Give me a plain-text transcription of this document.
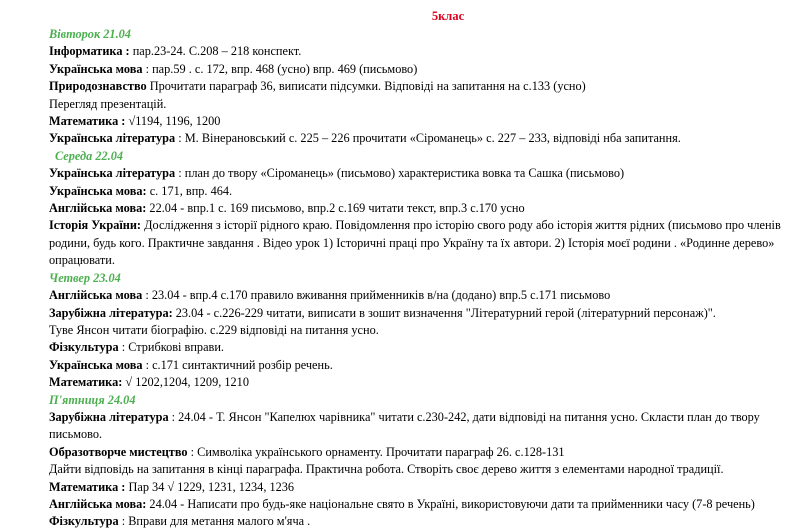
5клас
Вівторок 21.04
Інформатика : пар.23-24. С.208 – 218 конспект.
Українська мова : пар.59 . с. 172, впр. 468 (усно) впр. 469 (письмово)
Природознавство Прочитати параграф 36, виписати підсумки. Відповіді на запитання на с.133 (усно)
Перегляд презентацій.
Математика : √1194, 1196, 1200
Українська література : М. Вінерановський с. 225 – 226 прочитати «Сіроманець» с. 227 – 233, відповіді нба запитання.
Середа 22.04
Українська література : план до твору «Сіроманець» (письмово) характеристика вовка та Сашка (письмово)
Українська мова: с. 171, впр. 464.
Англійська мова: 22.04 - впр.1 с. 169 письмово, впр.2 с.169 читати текст, впр.3 с.170 усно
Історія України: Дослідження з історії рідного краю. Повідомлення про історію свого роду або історія життя рідних (письмово про членів родини, будь кого. Практичне завдання . Відео урок 1) Історичні праці про Україну та їх автори. 2) Історія моєї родини . «Родинне дерево» опрацювати.
Четвер 23.04
Англійська мова : 23.04 - впр.4 с.170 правило вживання прийменників в/на (додано) впр.5 с.171 письмово
Зарубіжна література: 23.04 - с.226-229 читати, виписати в зошит визначення "Літературний герой (літературний персонаж)".
Туве Янсон читати біографію. с.229 відповіді на питання усно.
Фізкультура : Стрибкові вправи.
Українська мова : с.171 синтактичний розбір речень.
Математика: √ 1202,1204, 1209, 1210
П'ятниця 24.04
Зарубіжна література : 24.04 - Т. Янсон "Капелюх чарівника" читати с.230-242, дати відповіді на питання усно. Скласти план до твору письмово.
Образотворче мистецтво : Символіка українського орнаменту. Прочитати параграф 26. с.128-131
Дайти відповідь на запитання в кінці параграфа. Практична робота. Створіть своє дерево життя з елементами народної традиції.
Математика : Пар 34 √ 1229, 1231, 1234, 1236
Англійська мова: 24.04 - Написати про будь-яке національне свято в Україні, використовуючи дати та прийменники часу (7-8 речень)
Фізкультура : Вправи для метання малого м'яча .
